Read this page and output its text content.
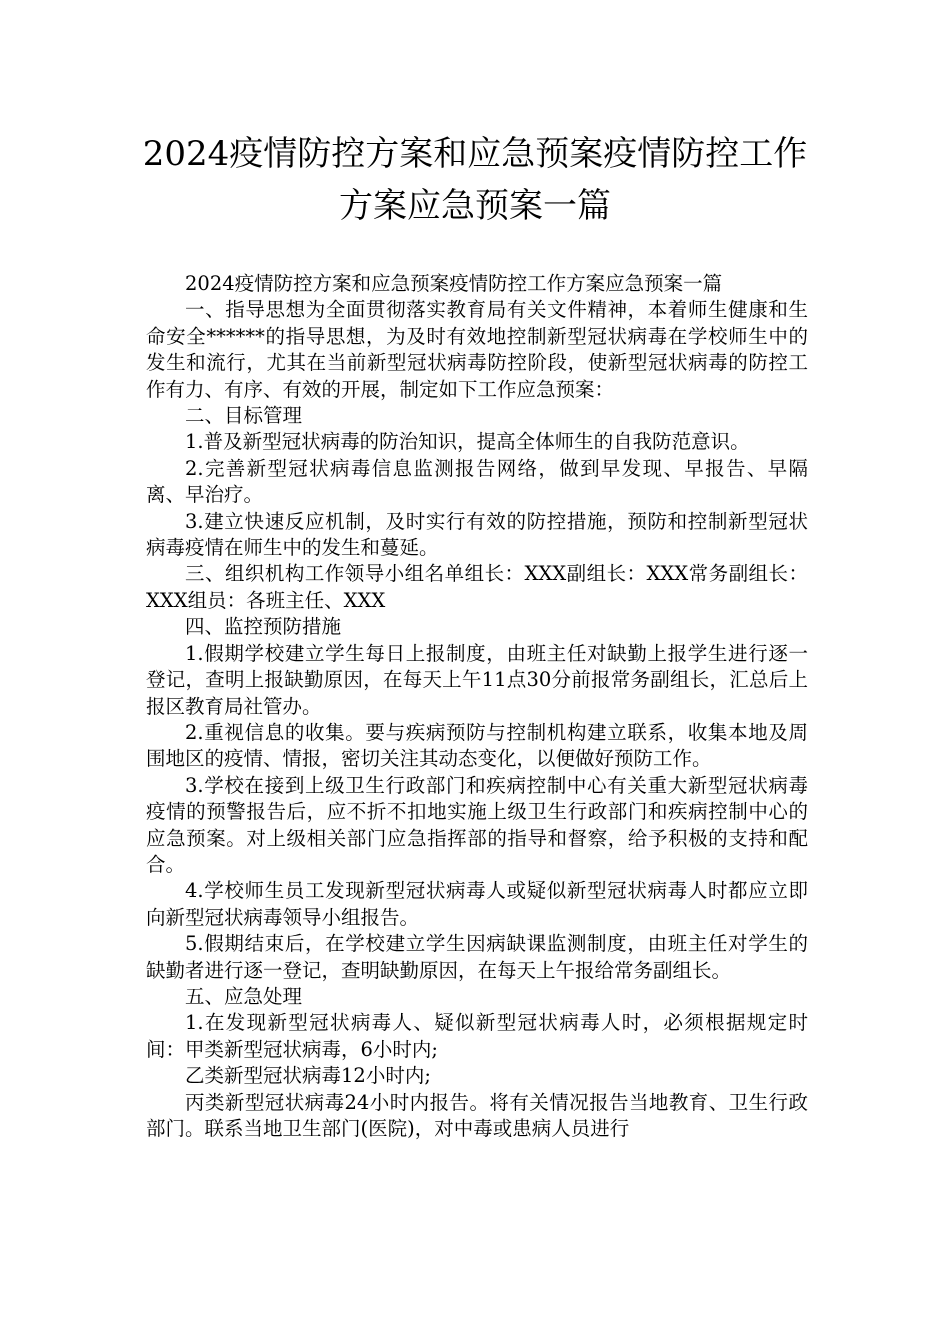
2024疫情防控方案和应急预案疫情防控工作方案应急预案一篇

2024疫情防控方案和应急预案疫情防控工作方案应急预案一篇

一、指导思想为全面贯彻落实教育局有关文件精神，本着师生健康和生命安全******的指导思想，为及时有效地控制新型冠状病毒在学校师生中的发生和流行，尤其在当前新型冠状病毒防控阶段，使新型冠状病毒的防控工作有力、有序、有效的开展，制定如下工作应急预案：

二、目标管理

1.普及新型冠状病毒的防治知识，提高全体师生的自我防范意识。

2.完善新型冠状病毒信息监测报告网络，做到早发现、早报告、早隔离、早治疗。

3.建立快速反应机制，及时实行有效的防控措施，预防和控制新型冠状病毒疫情在师生中的发生和蔓延。

三、组织机构工作领导小组名单组长：XXX副组长：XXX常务副组长：XXX组员：各班主任、XXX

四、监控预防措施

1.假期学校建立学生每日上报制度，由班主任对缺勤上报学生进行逐一登记，查明上报缺勤原因，在每天上午11点30分前报常务副组长，汇总后上报区教育局社管办。

2.重视信息的收集。要与疾病预防与控制机构建立联系，收集本地及周围地区的疫情、情报，密切关注其动态变化，以便做好预防工作。

3.学校在接到上级卫生行政部门和疾病控制中心有关重大新型冠状病毒疫情的预警报告后，应不折不扣地实施上级卫生行政部门和疾病控制中心的应急预案。对上级相关部门应急指挥部的指导和督察，给予积极的支持和配合。

4.学校师生员工发现新型冠状病毒人或疑似新型冠状病毒人时都应立即向新型冠状病毒领导小组报告。

5.假期结束后，在学校建立学生因病缺课监测制度，由班主任对学生的缺勤者进行逐一登记，查明缺勤原因，在每天上午报给常务副组长。

五、应急处理

1.在发现新型冠状病毒人、疑似新型冠状病毒人时，必须根据规定时间：甲类新型冠状病毒，6小时内;

乙类新型冠状病毒12小时内;

丙类新型冠状病毒24小时内报告。将有关情况报告当地教育、卫生行政部门。联系当地卫生部门(医院)，对中毒或患病人员进行
